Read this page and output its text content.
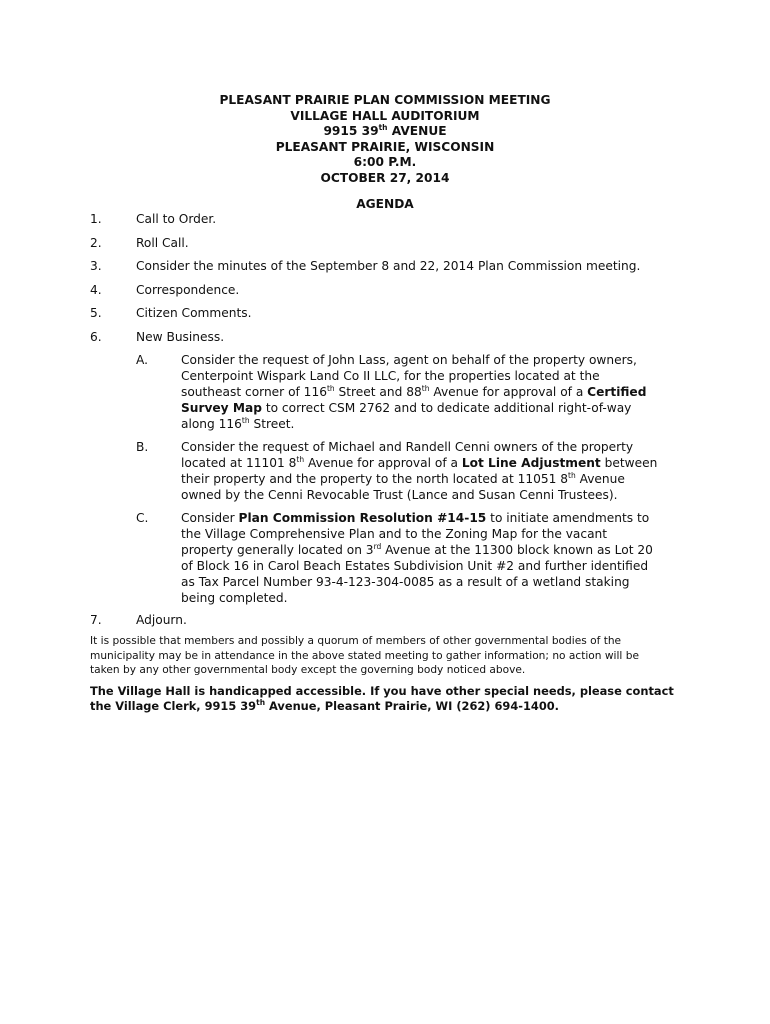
PLEASANT PRAIRIE PLAN COMMISSION MEETING
VILLAGE HALL AUDITORIUM
9915 39th AVENUE
PLEASANT PRAIRIE, WISCONSIN
6:00 P.M.
OCTOBER 27, 2014
AGENDA
1.	Call to Order.
2.	Roll Call.
3.	Consider the minutes of the September 8 and 22, 2014 Plan Commission meeting.
4.	Correspondence.
5.	Citizen Comments.
6.	New Business.
A.	Consider the request of John Lass, agent on behalf of the property owners,
Centerpoint Wispark Land Co II LLC, for the properties located at the
southeast corner of 116th Street and 88th Avenue for approval of a Certified
Survey Map to correct CSM 2762 and to dedicate additional right-of-way
along 116th Street.
B.	Consider the request of Michael and Randell Cenni owners of the property
located at 11101 8th Avenue for approval of a Lot Line Adjustment between
their property and the property to the north located at 11051 8th Avenue
owned by the Cenni Revocable Trust (Lance and Susan Cenni Trustees).
C.	Consider Plan Commission Resolution #14-15 to initiate amendments to
the Village Comprehensive Plan and to the Zoning Map for the vacant
property generally located on 3rd Avenue at the 11300 block known as Lot 20
of Block 16 in Carol Beach Estates Subdivision Unit #2 and further identified
as Tax Parcel Number 93-4-123-304-0085 as a result of a wetland staking
being completed.
7.	Adjourn.
It is possible that members and possibly a quorum of members of other governmental bodies of the
municipality may be in attendance in the above stated meeting to gather information; no action will be
taken by any other governmental body except the governing body noticed above.
The Village Hall is handicapped accessible. If you have other special needs, please contact
the Village Clerk, 9915 39th Avenue, Pleasant Prairie, WI (262) 694-1400.
